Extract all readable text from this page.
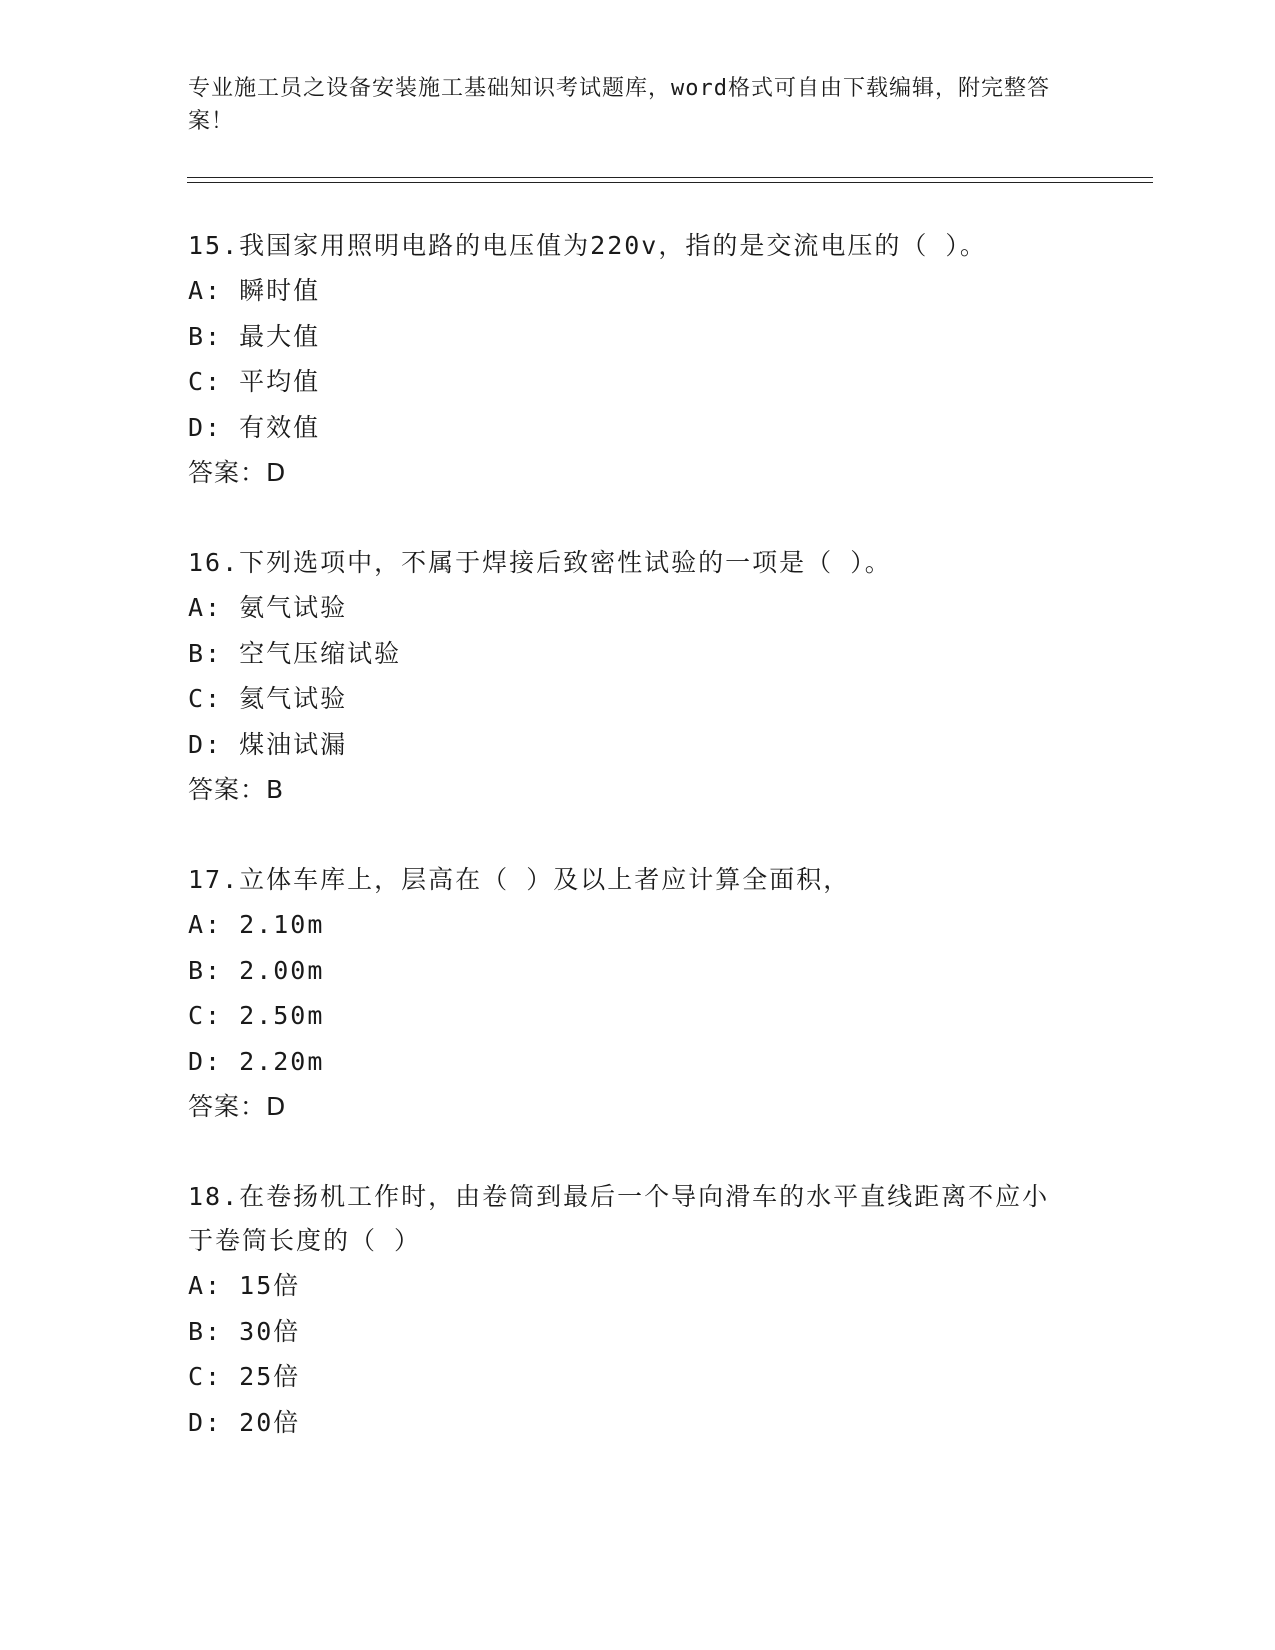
专业施工员之设备安装施工基础知识考试题库，word格式可自由下载编辑，附完整答案！

15.我国家用照明电路的电压值为220v，指的是交流电压的（ ）。

A: 瞬时值

B: 最大值

C: 平均值

D: 有效值

答案：D

16.下列选项中，不属于焊接后致密性试验的一项是（ ）。

A: 氨气试验

B: 空气压缩试验

C: 氦气试验

D: 煤油试漏

答案：B

17.立体车库上，层高在（ ）及以上者应计算全面积，

A: 2.10m

B: 2.00m

C: 2.50m

D: 2.20m

答案：D

18.在卷扬机工作时，由卷筒到最后一个导向滑车的水平直线距离不应小于卷筒长度的（ ）

A: 15倍

B: 30倍

C: 25倍

D: 20倍
